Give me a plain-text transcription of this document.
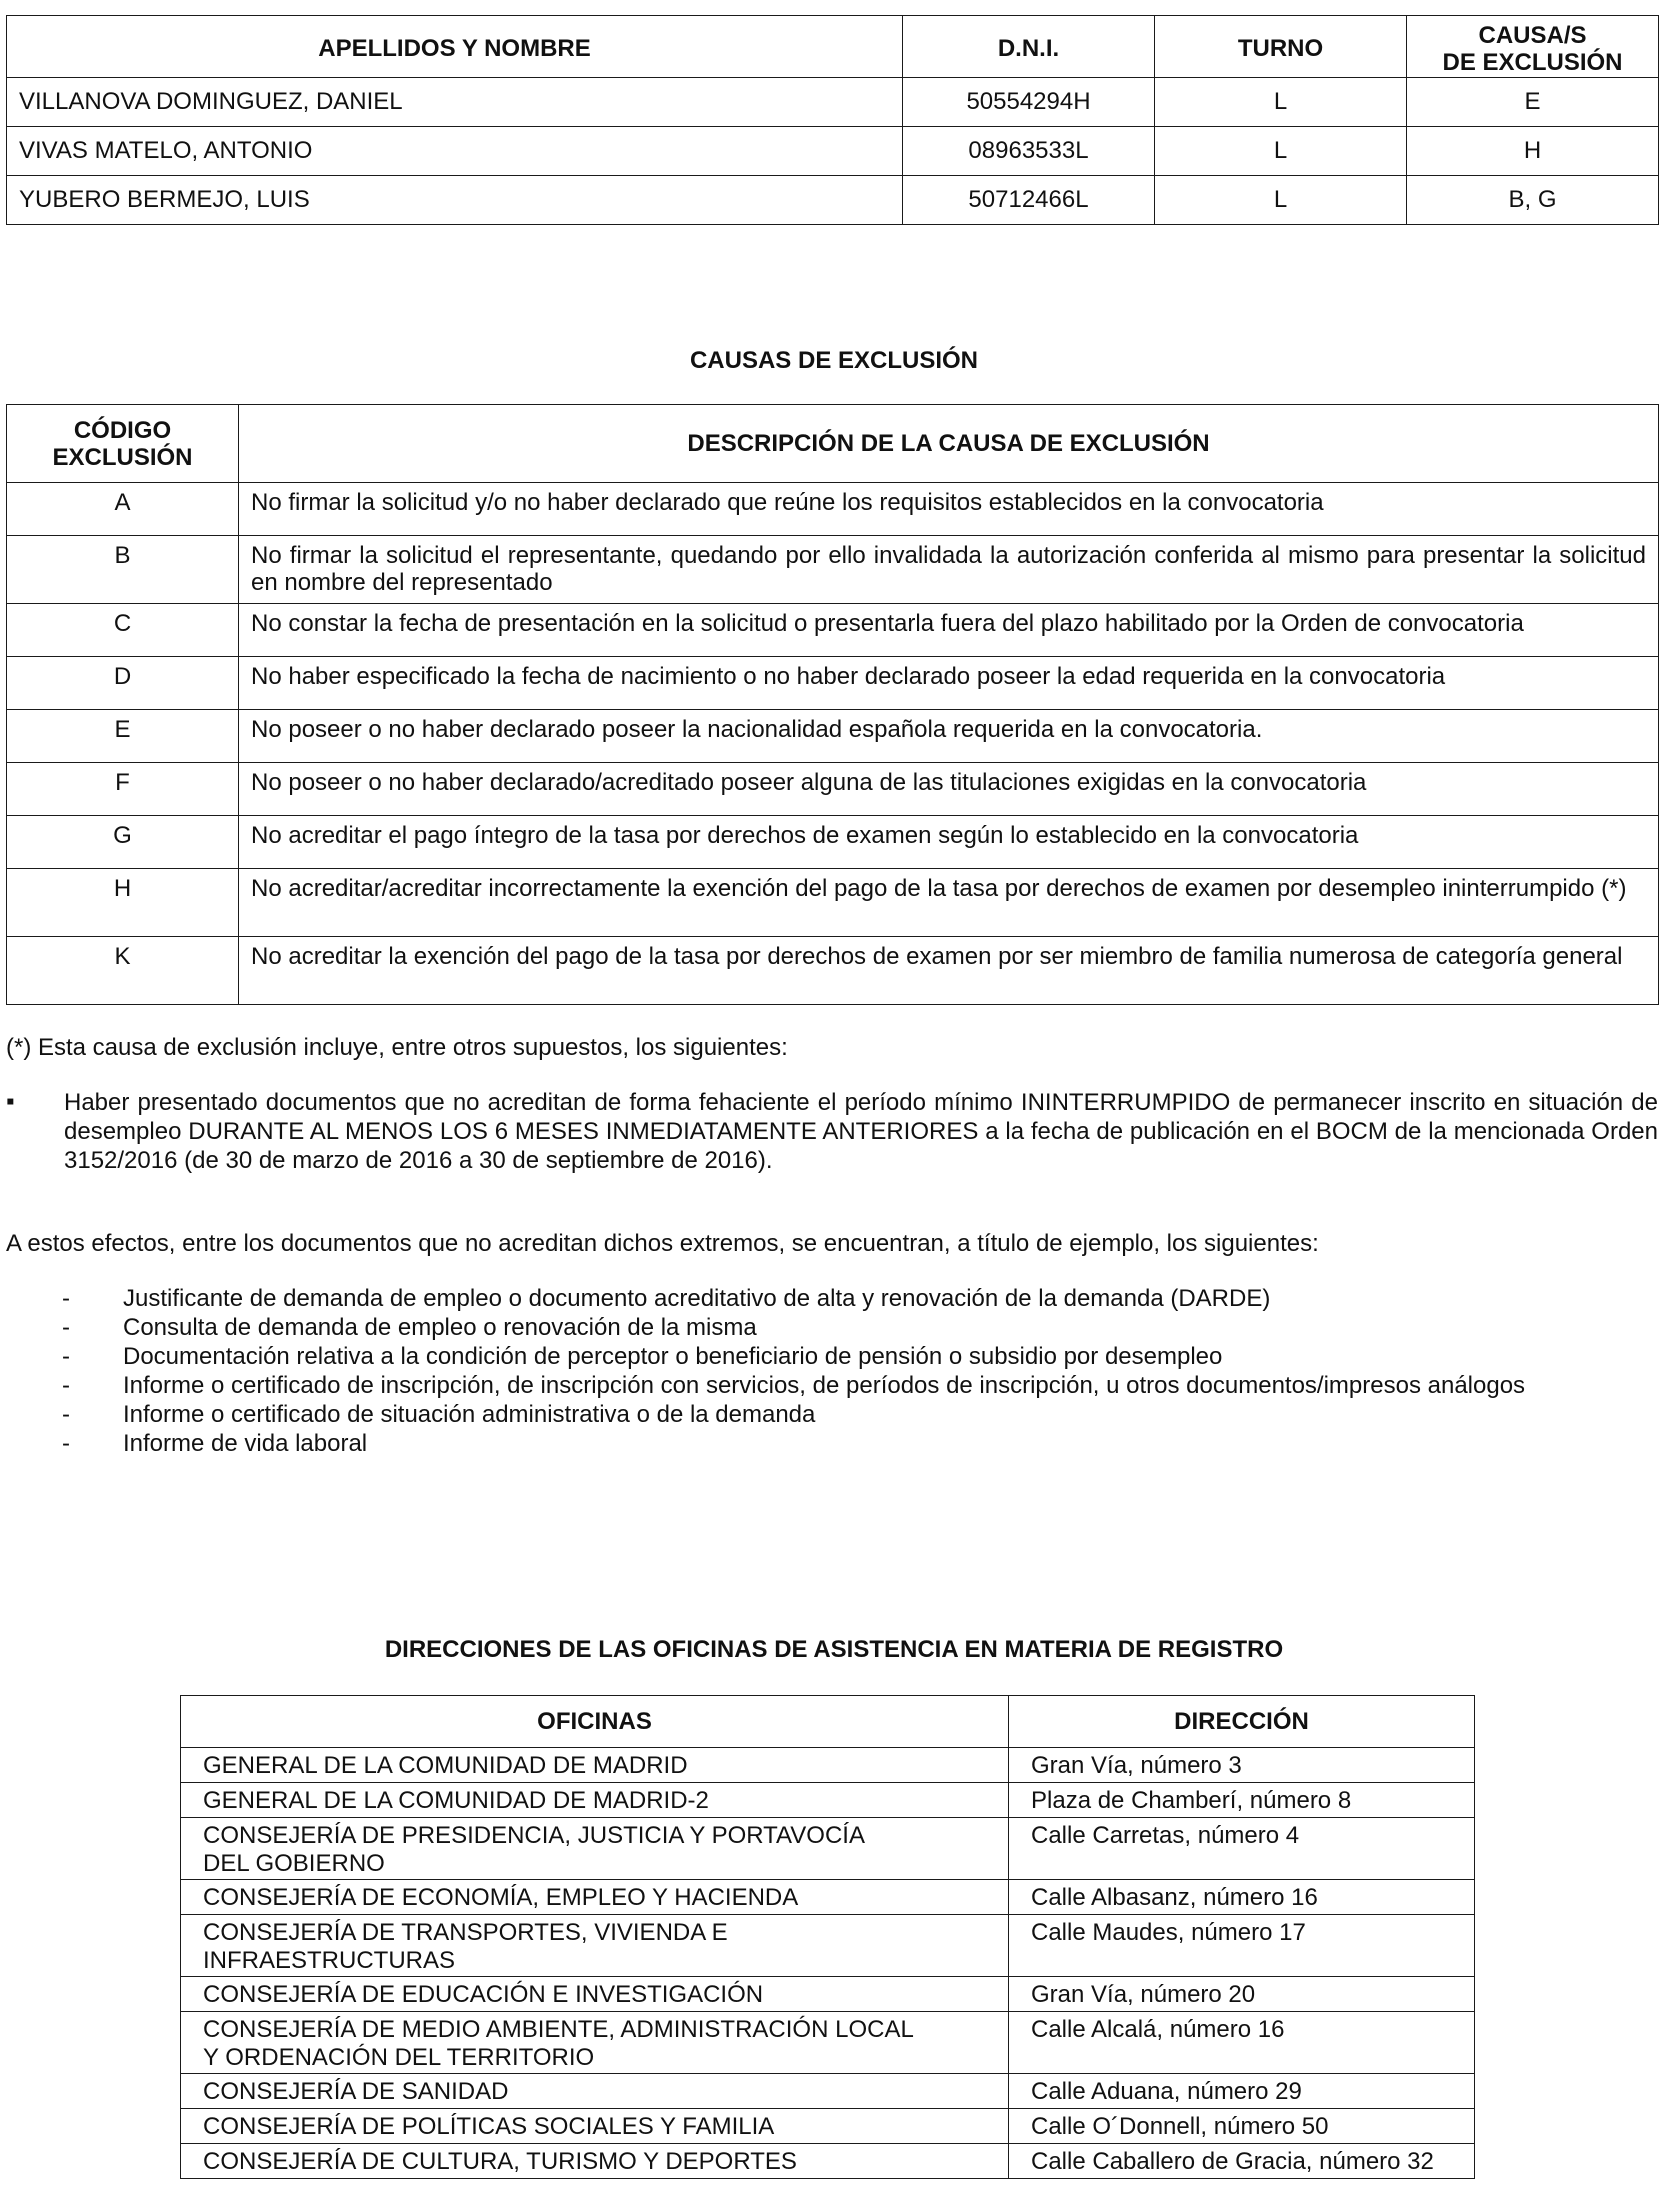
APELLIDOS Y NOMBRE	D.N.I.	TURNO	CAUSA/S
DE EXCLUSIÓN

VILLANOVA DOMINGUEZ, DANIEL	50554294H	L	E
VIVAS MATELO, ANTONIO	08963533L	L	H
YUBERO BERMEJO, LUIS	50712466L	L	B, G
CAUSAS DE EXCLUSIÓN
CÓDIGO
EXCLUSIÓN	DESCRIPCIÓN DE LA CAUSA DE EXCLUSIÓN
A	No firmar la solicitud y/o no haber declarado que reúne los requisitos establecidos en la convocatoria
B	No firmar la solicitud el representante, quedando por ello invalidada la autorización conferida al mismo para presentar la solicitud en nombre del representado
C	No constar la fecha de presentación en la solicitud o presentarla fuera del plazo habilitado por la Orden de convocatoria
D	No haber especificado la fecha de nacimiento o no haber declarado poseer la edad requerida en la convocatoria
E	No poseer o no haber declarado poseer la nacionalidad española requerida en la convocatoria.
F	No poseer o no haber declarado/acreditado poseer alguna de las titulaciones exigidas en la convocatoria
G	No acreditar el pago íntegro de la tasa por derechos de examen según lo establecido en la convocatoria
H	No acreditar/acreditar incorrectamente la exención del pago de la tasa por derechos de examen por desempleo ininterrumpido (*)
K	No acreditar la exención del pago de la tasa por derechos de examen por ser miembro de familia numerosa de categoría general
(*) Esta causa de exclusión incluye, entre otros supuestos, los siguientes:
▪ Haber presentado documentos que no acreditan de forma fehaciente el período mínimo ININTERRUMPIDO de permanecer inscrito en situación de desempleo DURANTE AL MENOS LOS 6 MESES INMEDIATAMENTE ANTERIORES a la fecha de publicación en el BOCM de la mencionada Orden 3152/2016 (de 30 de marzo de 2016 a 30 de septiembre de 2016).
A estos efectos, entre los documentos que no acreditan dichos extremos, se encuentran, a título de ejemplo, los siguientes:
- Justificante de demanda de empleo o documento acreditativo de alta y renovación de la demanda (DARDE)
- Consulta de demanda de empleo o renovación de la misma
- Documentación relativa a la condición de perceptor o beneficiario de pensión o subsidio por desempleo
- Informe o certificado de inscripción, de inscripción con servicios, de períodos de inscripción, u otros documentos/impresos análogos
- Informe o certificado de situación administrativa o de la demanda
- Informe de vida laboral
DIRECCIONES DE LAS OFICINAS DE ASISTENCIA EN MATERIA DE REGISTRO
OFICINAS	DIRECCIÓN

GENERAL DE LA COMUNIDAD DE MADRID	Gran Vía, número 3

GENERAL DE LA COMUNIDAD DE MADRID-2	Plaza de Chamberí, número 8

CONSEJERÍA DE PRESIDENCIA, JUSTICIA Y PORTAVOCÍA
DEL GOBIERNO	Calle Carretas, número 4

CONSEJERÍA DE ECONOMÍA, EMPLEO Y HACIENDA	Calle Albasanz, número 16

CONSEJERÍA DE TRANSPORTES, VIVIENDA E
INFRAESTRUCTURAS	Calle Maudes, número 17

CONSEJERÍA DE EDUCACIÓN E INVESTIGACIÓN	Gran Vía, número 20

CONSEJERÍA DE MEDIO AMBIENTE, ADMINISTRACIÓN LOCAL
Y ORDENACIÓN DEL TERRITORIO	Calle Alcalá, número 16

CONSEJERÍA DE SANIDAD	Calle Aduana, número 29

CONSEJERÍA DE POLÍTICAS SOCIALES Y FAMILIA	Calle O´Donnell, número 50

CONSEJERÍA DE CULTURA, TURISMO Y DEPORTES	Calle Caballero de Gracia, número 32
